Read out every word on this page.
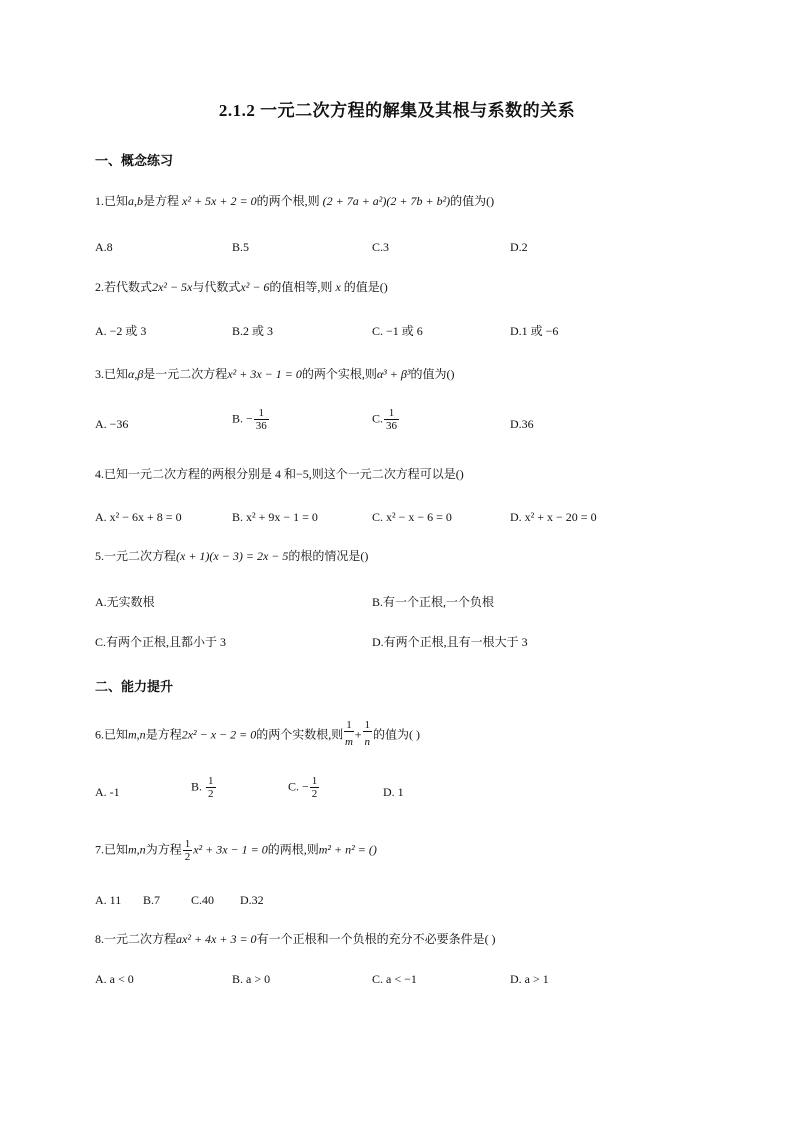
2.1.2 一元二次方程的解集及其根与系数的关系
一、概念练习
1.已知a,b是方程 x² + 5x + 2 = 0的两个根,则 (2 + 7a + a²)(2 + 7b + b²)的值为()
A.8	B.5	C.3	D.2
2.若代数式2x² − 5x与代数式x² − 6的值相等,则 x 的值是()
A. −2 或 3	B.2 或 3	C. −1 或 6	D.1 或 −6
3.已知α,β是一元二次方程x² + 3x − 1 = 0的两个实根,则α³ + β³的值为()
A. −36	B. − $\frac{1}{36}$	C. $\frac{1}{36}$	D.36
4.已知一元二次方程的两根分别是 4 和−5,则这个一元二次方程可以是()
A. x² − 6x + 8 = 0	B. x² + 9x − 1 = 0	C. x² − x − 6 = 0	D. x² + x − 20 = 0
5.一元二次方程(x + 1)(x − 3) = 2x − 5的根的情况是()
A.无实数根	B.有一个正根,一个负根
C.有两个正根,且都小于 3	D.有两个正根,且有一根大于 3
二、能力提升
6.已知m,n是方程2x² − x − 2 = 0的两个实数根,则 $\frac{1}{m}+ \frac{1}{n}$的值为( )
A. -1	B. $\frac{1}{2}$	C. − $\frac{1}{2}$	D. 1
7.已知m,n为方程 $\frac{1}{2} x^2 + 3x - 1 = 0$的两根,则m² + n² = ()
A. 11 B.7	C.40 D.32
8.一元二次方程ax² + 4x + 3 = 0有一个正根和一个负根的充分不必要条件是( )
A. a < 0	B. a > 0	C. a < −1	D. a > 1
